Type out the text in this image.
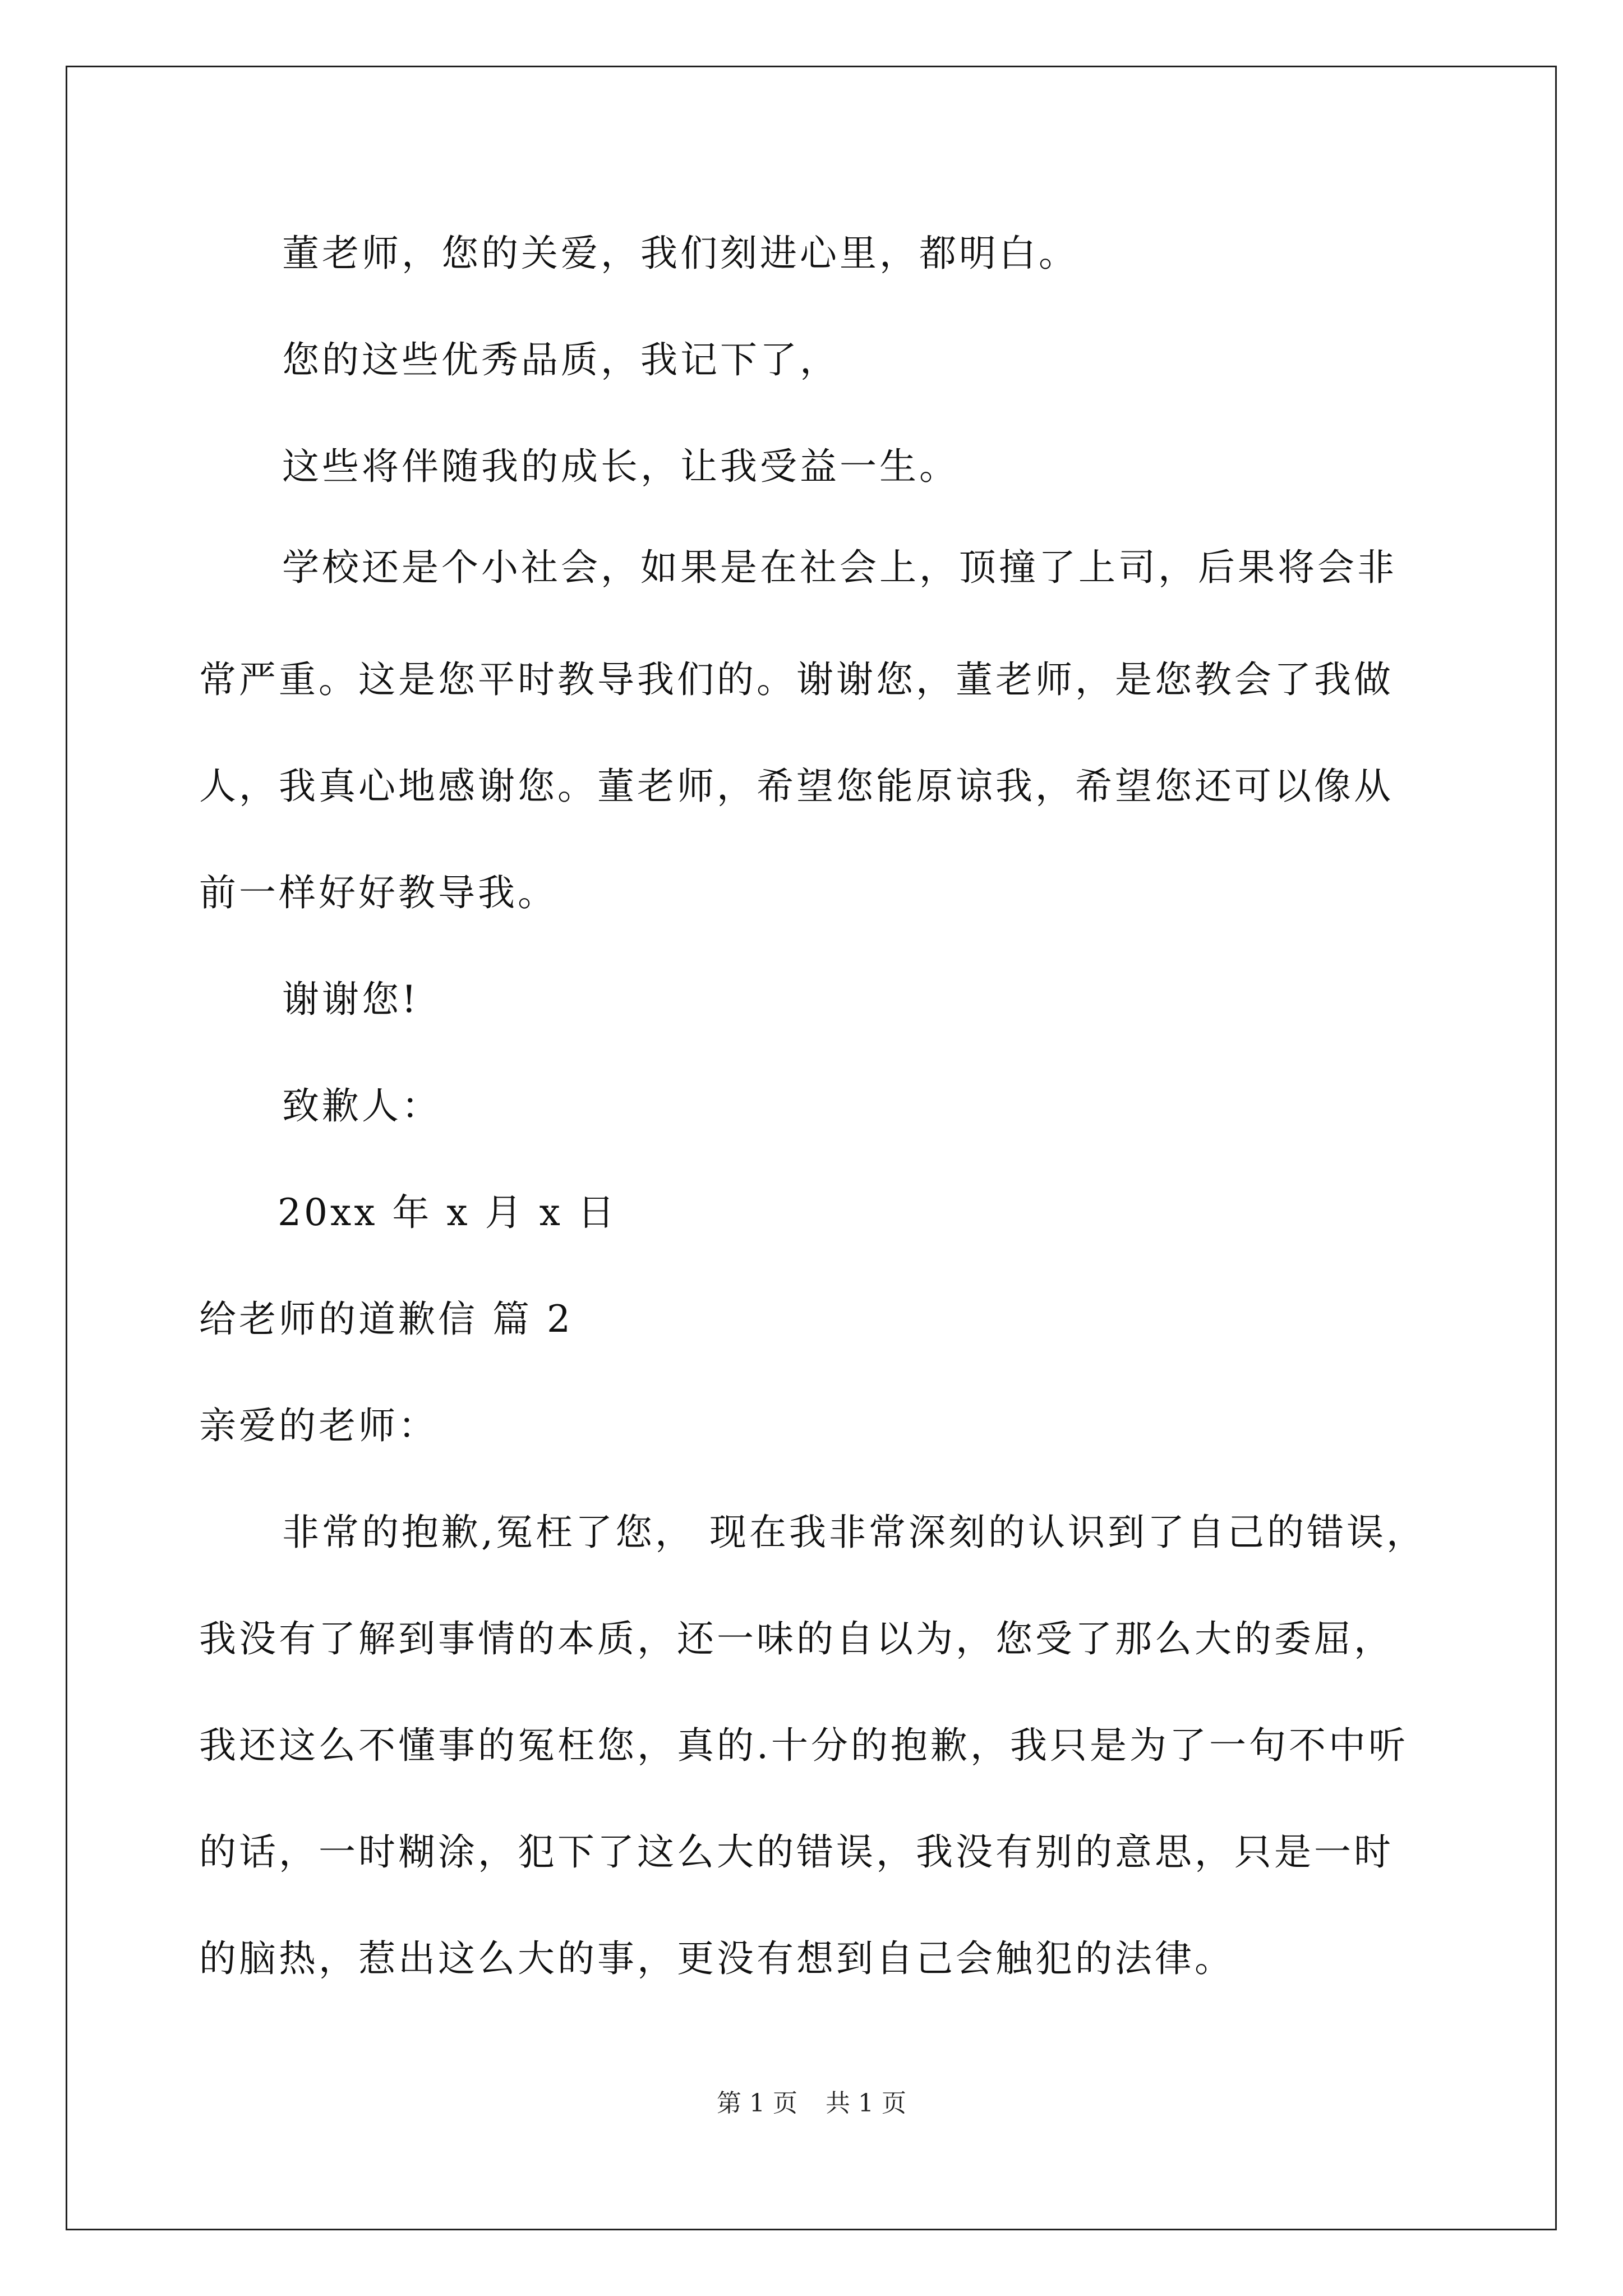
董老师，您的关爱，我们刻进心里，都明白。
您的这些优秀品质，我记下了，
这些将伴随我的成长，让我受益一生。
学校还是个小社会，如果是在社会上，顶撞了上司，后果将会非
常严重。这是您平时教导我们的。谢谢您，董老师，是您教会了我做
人，我真心地感谢您。董老师，希望您能原谅我，希望您还可以像从
前一样好好教导我。
谢谢您!
致歉人：
20xx 年 x 月 x 日
给老师的道歉信 篇 2
亲爱的老师：
非常的抱歉,冤枉了您， 现在我非常深刻的认识到了自己的错误，
我没有了解到事情的本质，还一味的自以为，您受了那么大的委屈，
我还这么不懂事的冤枉您，真的.十分的抱歉，我只是为了一句不中听
的话，一时糊涂，犯下了这么大的错误，我没有别的意思，只是一时
的脑热，惹出这么大的事，更没有想到自己会触犯的法律。
第 1 页 共 1 页
